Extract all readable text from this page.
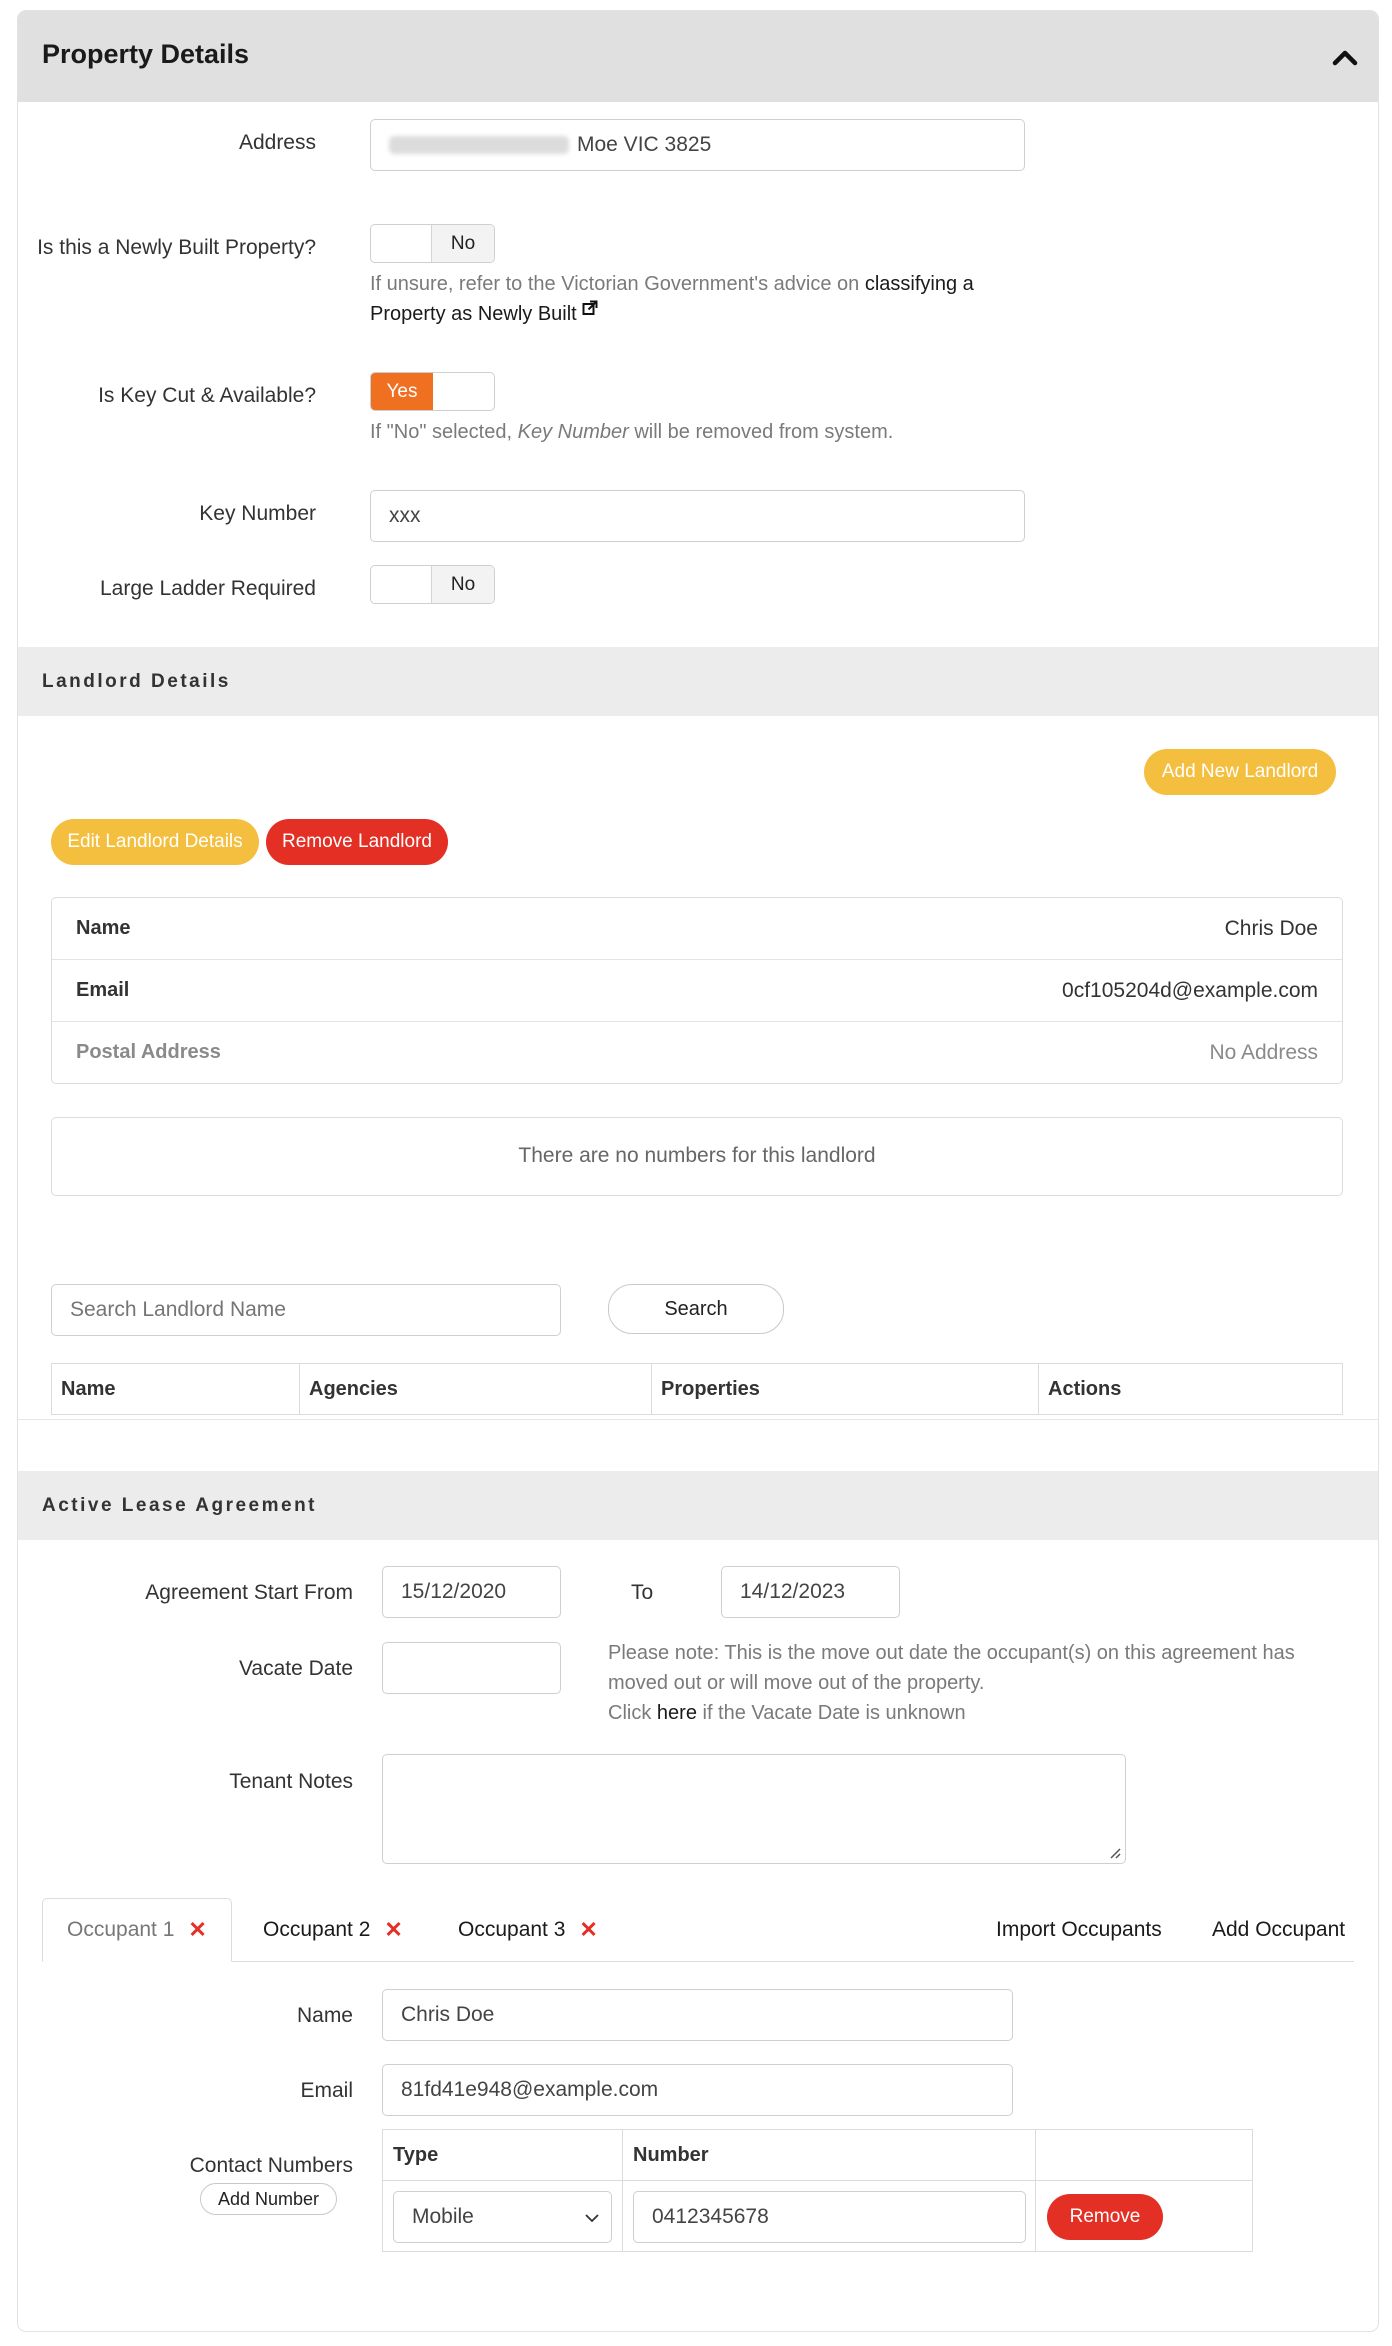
Property Details
Address	Moe VIC 3825
Is this a Newly Built Property?	No
If unsure, refer to the Victorian Government's advice on classifying a Property as Newly Built
Is Key Cut & Available?	Yes
If "No" selected, Key Number will be removed from system.
Key Number	xxx
Large Ladder Required	No
Landlord Details
Add New Landlord
Edit Landlord Details	Remove Landlord
Name	Chris Doe
Email	0cf105204d@example.com
Postal Address	No Address
There are no numbers for this landlord
Search Landlord Name
Search
Name	Agencies	Properties	Actions
Active Lease Agreement
Agreement Start From 15/12/2020	To	14/12/2023
Vacate Date
Please note: This is the move out date the occupant(s) on this agreement has moved out or will move out of the property.
Click here if the Vacate Date is unknown
Tenant Notes
Occupant 1 ✕	Occupant 2 ✕	Occupant 3 ✕	Import Occupants Add Occupant
Name Chris Doe
Email 81fd41e948@example.com
Contact Numbers
Add Number
Type	Number
Mobile	0412345678	Remove
